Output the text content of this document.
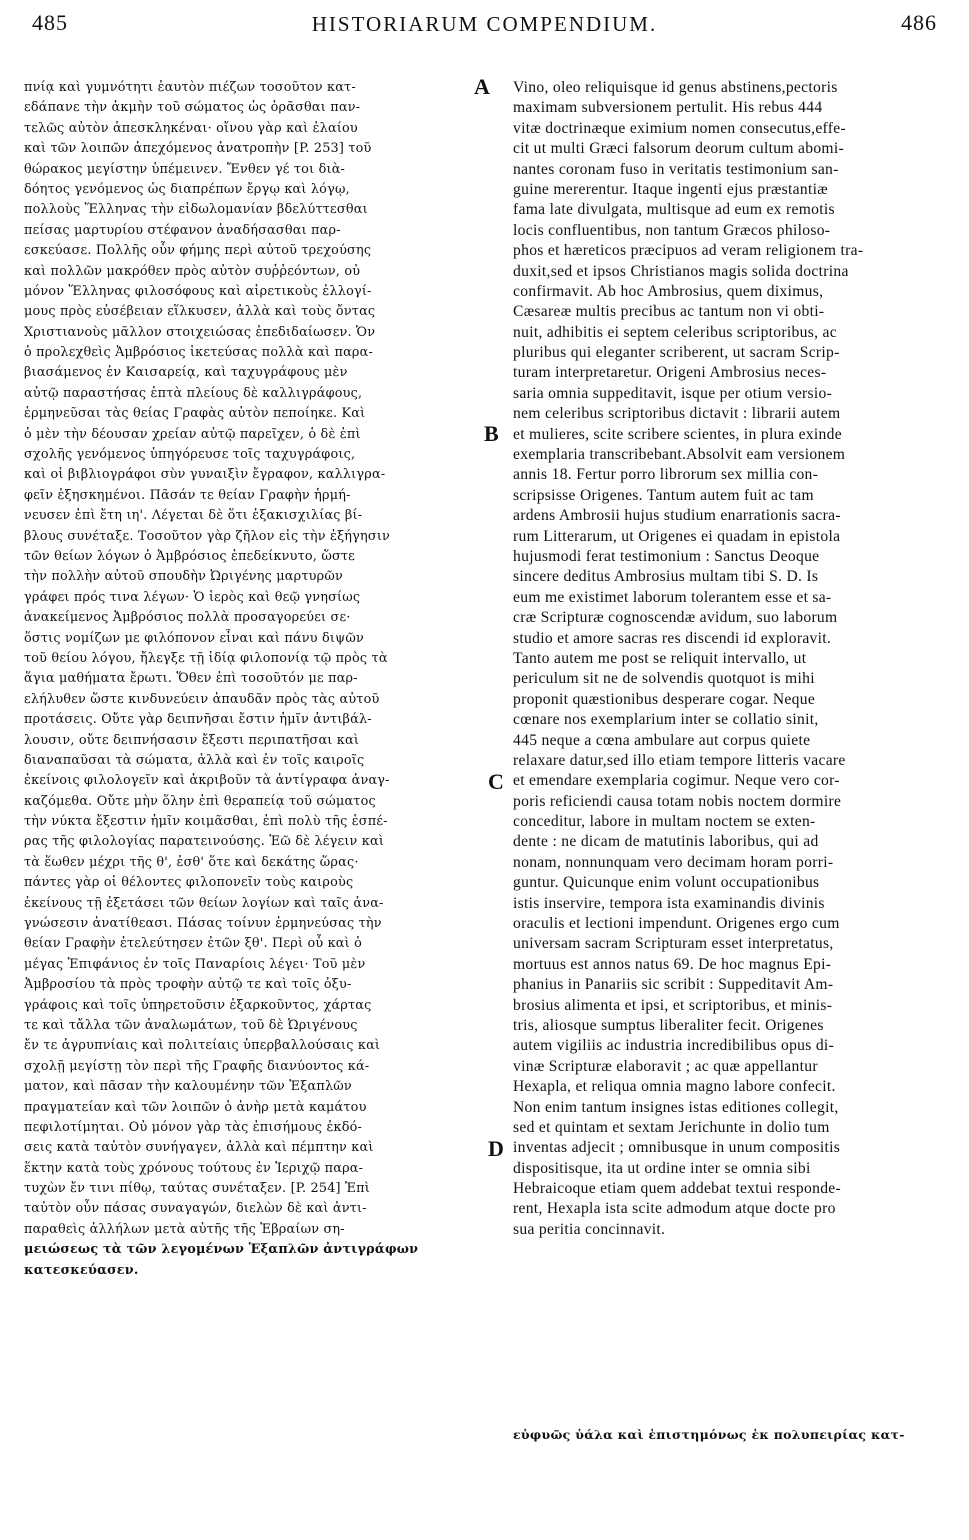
485	HISTORIARUM COMPENDIUM.	486
πνίᾳ καὶ γυμνότητι ἑαυτὸν πιέζων τοσοῦτον κατ-
εδάπανε τὴν ἀκμὴν τοῦ σώματος ὡς ὁρᾶσθαι παν-
τελῶς αὐτὸν ἀπεσκληκέναι· οἴνου γὰρ καὶ ἐλαίου
καὶ τῶν λοιπῶν ἀπεχόμενος ἀνατροπὴν [P. 253] τοῦ
θώρακος μεγίστην ὑπέμεινεν. Ἔνθεν γέ τοι διὰ-
δόητος γενόμενος ὡς διαπρέπων ἔργῳ καὶ λόγῳ,
πολλοὺς Ἕλληνας τὴν εἰδωλομανίαν βδελύττεσθαι
πείσας μαρτυρίου στέφανον ἀναδήσασθαι παρ-
εσκεύασε. Πολλῆς οὖν φήμης περὶ αὐτοῦ τρεχούσης
καὶ πολλῶν μακρόθεν πρὸς αὐτὸν συῤῥεόντων, οὐ
μόνον Ἕλληνας φιλοσόφους καὶ αἱρετικοὺς ἐλλογί-
μους πρὸς εὐσέβειαν εἵλκυσεν, ἀλλὰ καὶ τοὺς ὄντας
Χριστιανοὺς μᾶλλον στοιχειώσας ἐπεδιδαίωσεν. Ὁν
ὁ προλεχθεὶς Ἀμβρόσιος ἱκετεύσας πολλὰ καὶ παρα-
βιασάμενος ἐν Καισαρείᾳ, καὶ ταχυγράφους μὲν
αὐτῷ παραστήσας ἑπτὰ πλείους δὲ καλλιγράφους,
ἑρμηνεῦσαι τὰς θείας Γραφὰς αὐτὸν πεποίηκε. Καὶ
ὁ μὲν τὴν δέουσαν χρείαν αὐτῷ παρεῖχεν, ὁ δὲ ἐπὶ
σχολῆς γενόμενος ὑπηγόρευσε τοῖς ταχυγράφοις,
καὶ οἱ βιβλιογράφοι σὺν γυναιξὶν ἔγραφον, καλλιγρα-
φεῖν ἐξησκημένοι. Πᾶσάν τε θείαν Γραφὴν ἡρμή-
νευσεν ἐπὶ ἔτη ιη'. Λέγεται δὲ ὅτι ἑξακισχιλίας βί-
βλους συνέταξε. Τοσοῦτον γὰρ ζῆλον εἰς τὴν ἐξήγησιν
τῶν θείων λόγων ὁ Ἀμβρόσιος ἐπεδείκνυτο, ὥστε
τὴν πολλὴν αὐτοῦ σπουδὴν Ὠριγένης μαρτυρῶν
γράφει πρός τινα λέγων· Ὁ ἱερὸς καὶ θεῷ γνησίως
ἀνακείμενος Ἀμβρόσιος πολλὰ προσαγορεύει σε·
ὅστις νομίζων με φιλόπονον εἶναι καὶ πάνυ διψῶν
τοῦ θείου λόγου, ἤλεγξε τῇ ἰδίᾳ φιλοπονίᾳ τῷ πρὸς τὰ
ἅγια μαθήματα ἔρωτι. Ὅθεν ἐπὶ τοσοῦτόν με παρ-
ελήλυθεν ὥστε κινδυνεύειν ἀπαυδᾶν πρὸς τὰς αὐτοῦ
προτάσεις. Οὔτε γὰρ δειπνῆσαι ἔστιν ἡμῖν ἀντιβάλ-
λουσιν, οὔτε δειπνήσασιν ἔξεστι περιπατῆσαι καὶ
διαναπαῦσαι τὰ σώματα, ἀλλὰ καὶ ἐν τοῖς καιροῖς
ἐκείνοις φιλολογεῖν καὶ ἀκριβοῦν τὰ ἀντίγραφα ἀναγ-
καζόμεθα. Οὔτε μὴν ὅλην ἐπὶ θεραπείᾳ τοῦ σώματος
τὴν νύκτα ἔξεστιν ἡμῖν κοιμᾶσθαι, ἐπὶ πολὺ τῆς ἑσπέ-
ρας τῆς φιλολογίας παρατεινούσης. Ἐῶ δὲ λέγειν καὶ
τὰ ἕωθεν μέχρι τῆς θ', ἐσθ' ὅτε καὶ δεκάτης ὥρας·
πάντες γὰρ οἱ θέλοντες φιλοπονεῖν τοὺς καιροὺς
ἐκείνους τῇ ἐξετάσει τῶν θείων λογίων καὶ ταῖς ἀνα-
γνώσεσιν ἀνατίθεασι. Πάσας τοίνυν ἑρμηνεύσας τὴν
θείαν Γραφὴν ἐτελεύτησεν ἐτῶν ξθ'. Περὶ οὗ καὶ ὁ
μέγας Ἐπιφάνιος ἐν τοῖς Παναρίοις λέγει· Τοῦ μὲν
Ἀμβροσίου τὰ πρὸς τροφὴν αὐτῷ τε καὶ τοῖς ὀξυ-
γράφοις καὶ τοῖς ὑπηρετοῦσιν ἐξαρκοῦντος, χάρτας
τε καὶ τἄλλα τῶν ἀναλωμάτων, τοῦ δὲ Ὠριγένους
ἔν τε ἀγρυπνίαις καὶ πολιτείαις ὑπερβαλλούσαις καὶ
σχολῇ μεγίστῃ τὸν περὶ τῆς Γραφῆς διανύοντος κά-
ματον, καὶ πᾶσαν τὴν καλουμένην τῶν Ἑξαπλῶν
πραγματείαν καὶ τῶν λοιπῶν ὁ ἀνὴρ μετὰ καμάτου
πεφιλοτίμηται. Οὐ μόνον γὰρ τὰς ἐπισήμους ἐκδό-
σεις κατὰ ταὐτὸν συνήγαγεν, ἀλλὰ καὶ πέμπτην καὶ
ἕκτην κατὰ τοὺς χρόνους τούτους ἐν Ἱεριχῷ παρα-
τυχὼν ἔν τινι πίθῳ, ταύτας συνέταξεν. [P. 254] Ἐπὶ
ταὐτὸν οὖν πάσας συναγαγών, διελὼν δὲ καὶ ἀντι-
παραθεὶς ἀλλήλων μετὰ αὐτῆς τῆς Ἑβραίων ση-
μειώσεως τὰ τῶν λεγομένων Ἑξαπλῶν ἀντιγράφων
κατεσκεύασεν.
Vino, oleo reliquisque id genus abstinens,pectoris
maximam subversionem pertulit. His rebus 444
vitæ doctrinæque eximium nomen consecutus,effe-
cit ut multi Græci falsorum deorum cultum abomi-
nantes coronam fuso in veritatis testimonium san-
guine mererentur. Itaque ingenti ejus præstantiæ
fama late divulgata, multisque ad eum ex remotis
locis confluentibus, non tantum Græcos philoso-
phos et hæreticos præcipuos ad veram religionem tra-
duxit,sed et ipsos Christianos magis solida doctrina
confirmavit. Ab hoc Ambrosius, quem diximus,
Cæsareæ multis precibus ac tantum non vi obti-
nuit, adhibitis ei septem celeribus scriptoribus, ac
pluribus qui eleganter scriberent, ut sacram Scrip-
turam interpretaretur. Origeni Ambrosius neces-
saria omnia suppeditavit, isque per otium versio-
nem celeribus scriptoribus dictavit : librarii autem
et mulieres, scite scribere scientes, in plura exinde
exemplaria transcribebant.Absolvit eam versionem
annis 18. Fertur porro librorum sex millia con-
scripsisse Origenes. Tantum autem fuit ac tam
ardens Ambrosii hujus studium enarrationis sacra-
rum Litterarum, ut Origenes ei quadam in epistola
hujusmodi ferat testimonium : Sanctus Deoque
sincere deditus Ambrosius multam tibi S. D. Is
eum me existimet laborum tolerantem esse et sa-
cræ Scripturæ cognoscendæ avidum, suo laborum
studio et amore sacras res discendi id exploravit.
Tanto autem me post se reliquit intervallo, ut
periculum sit ne de solvendis quotquot is mihi
proponit quæstionibus desperare cogar. Neque
cœnare nos exemplarium inter se collatio sinit,
445 neque a cœna ambulare aut corpus quiete
relaxare datur,sed illo etiam tempore litteris vacare
et emendare exemplaria cogimur. Neque vero cor-
poris reficiendi causa totam nobis noctem dormire
conceditur, labore in multam noctem se exten-
dente : ne dicam de matutinis laboribus, qui ad
nonam, nonnunquam vero decimam horam porri-
guntur. Quicunque enim volunt occupationibus
istis inservire, tempora ista examinandis divinis
oraculis et lectioni impendunt. Origenes ergo cum
universam sacram Scripturam esset interpretatus,
mortuus est annos natus 69. De hoc magnus Epi-
phanius in Panariis sic scribit : Suppeditavit Am-
brosius alimenta et ipsi, et scriptoribus, et minis-
tris, aliosque sumptus liberaliter fecit. Origenes
autem vigiliis ac industria incredibilibus opus di-
vinæ Scripturæ elaboravit ; ac quæ appellantur
Hexapla, et reliqua omnia magno labore confecit.
Non enim tantum insignes istas editiones collegit,
sed et quintam et sextam Jerichunte in dolio tum
inventas adjecit ; omnibusque in unum compositis
dispositisque, ita ut ordine inter se omnia sibi
Hebraicoque etiam quem addebat textui responde-
rent, Hexapla ista scite admodum atque docte pro
sua peritia concinnavit.
A
B
C
D
εὐφυῶς ὑάλα καὶ ἐπιστημόνως ἐκ πολυπειρίας κατ-
